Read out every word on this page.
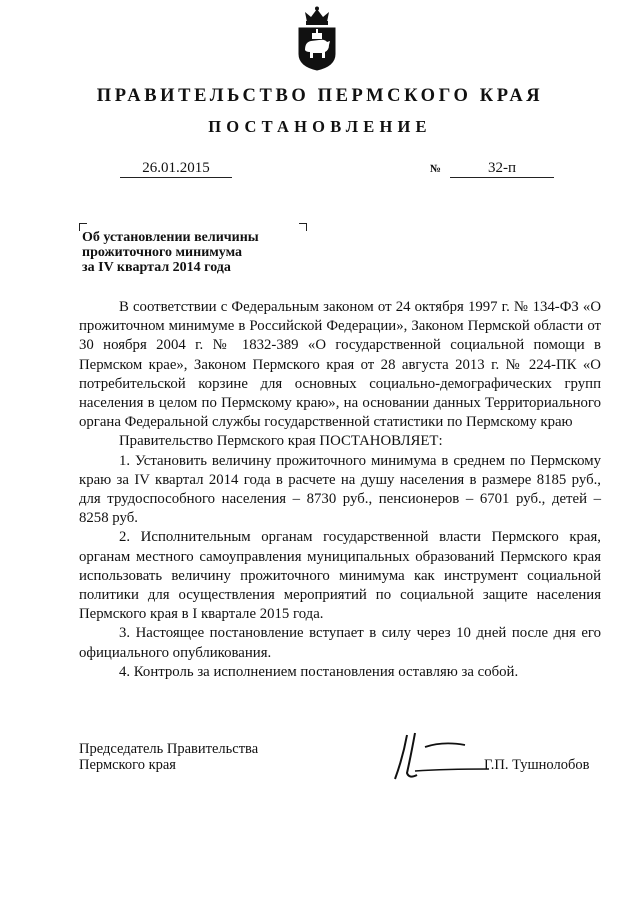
ПРАВИТЕЛЬСТВО ПЕРМСКОГО КРАЯ
ПОСТАНОВЛЕНИЕ
26.01.2015	№	32-п
Об установлении величины
прожиточного минимума
за IV квартал 2014 года

В соответствии с Федеральным законом от 24 октября 1997 г. № 134-ФЗ «О прожиточном минимуме в Российской Федерации», Законом Пермской области от 30 ноября 2004 г. № 1832-389 «О государственной социальной помощи в Пермском крае», Законом Пермского края от 28 августа 2013 г. № 224-ПК «О потребительской корзине для основных социально-демографических групп населения в целом по Пермскому краю», на основании данных Территориального органа Федеральной службы государственной статистики по Пермскому краю

Правительство Пермского края ПОСТАНОВЛЯЕТ:

1. Установить величину прожиточного минимума в среднем по Пермскому краю за IV квартал 2014 года в расчете на душу населения в размере 8185 руб., для трудоспособного населения – 8730 руб., пенсионеров – 6701 руб., детей – 8258 руб.

2. Исполнительным органам государственной власти Пермского края, органам местного самоуправления муниципальных образований Пермского края использовать величину прожиточного минимума как инструмент социальной политики для осуществления мероприятий по социальной защите населения Пермского края в I квартале 2015 года.

3. Настоящее постановление вступает в силу через 10 дней после дня его официального опубликования.

4. Контроль за исполнением постановления оставляю за собой.

Председатель Правительства
Пермского края	Г.П. Тушнолобов
